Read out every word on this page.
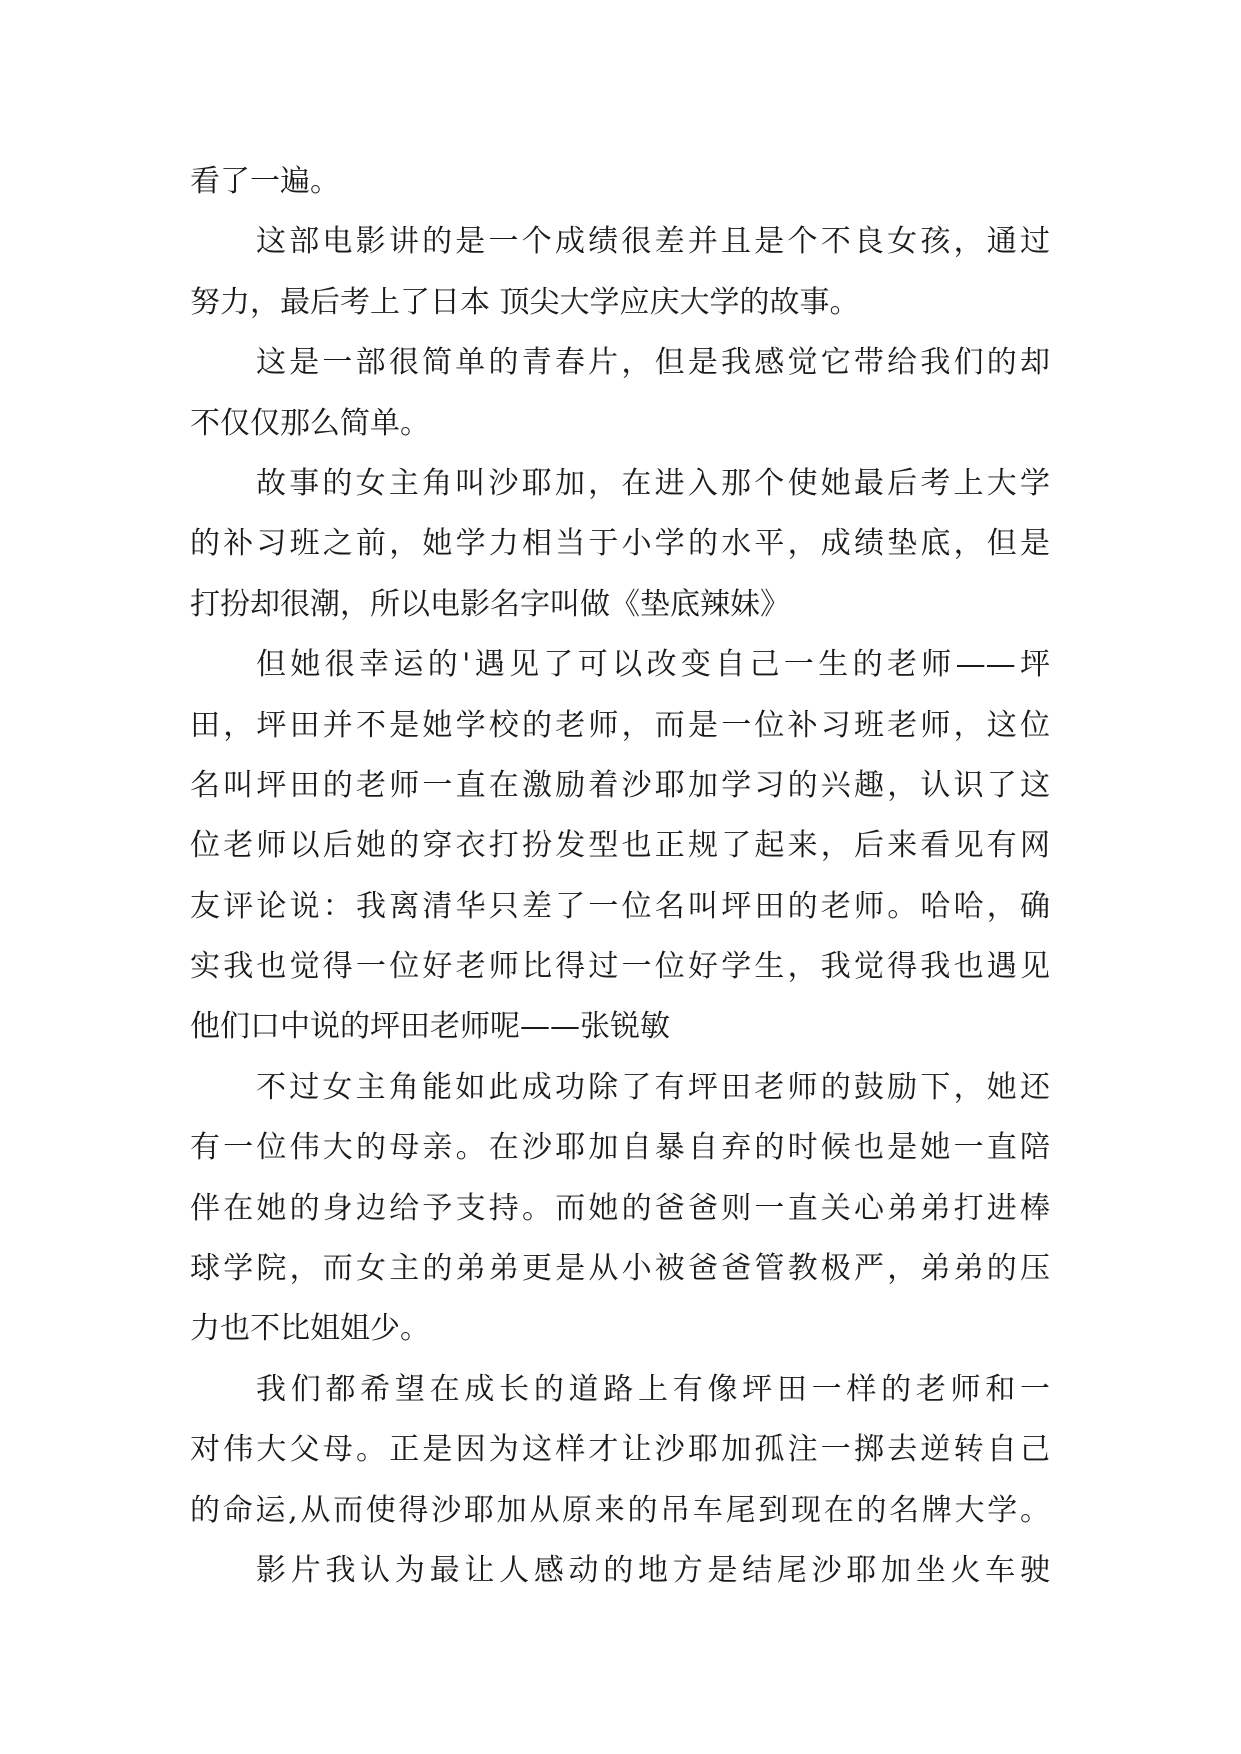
看了一遍。
这部电影讲的是一个成绩很差并且是个不良女孩，通过
努力，最后考上了日本 顶尖大学应庆大学的故事。
这是一部很简单的青春片，但是我感觉它带给我们的却
不仅仅那么简单。
故事的女主角叫沙耶加，在进入那个使她最后考上大学
的补习班之前，她学力相当于小学的水平，成绩垫底，但是
打扮却很潮，所以电影名字叫做《垫底辣妹》
但她很幸运的'遇见了可以改变自己一生的老师——坪
田，坪田并不是她学校的老师，而是一位补习班老师，这位
名叫坪田的老师一直在激励着沙耶加学习的兴趣，认识了这
位老师以后她的穿衣打扮发型也正规了起来，后来看见有网
友评论说：我离清华只差了一位名叫坪田的老师。哈哈，确
实我也觉得一位好老师比得过一位好学生，我觉得我也遇见
他们口中说的坪田老师呢——张锐敏
不过女主角能如此成功除了有坪田老师的鼓励下，她还
有一位伟大的母亲。在沙耶加自暴自弃的时候也是她一直陪
伴在她的身边给予支持。而她的爸爸则一直关心弟弟打进棒
球学院，而女主的弟弟更是从小被爸爸管教极严，弟弟的压
力也不比姐姐少。
我们都希望在成长的道路上有像坪田一样的老师和一
对伟大父母。正是因为这样才让沙耶加孤注一掷去逆转自己
的命运,从而使得沙耶加从原来的吊车尾到现在的名牌大学。
影片我认为最让人感动的地方是结尾沙耶加坐火车驶
